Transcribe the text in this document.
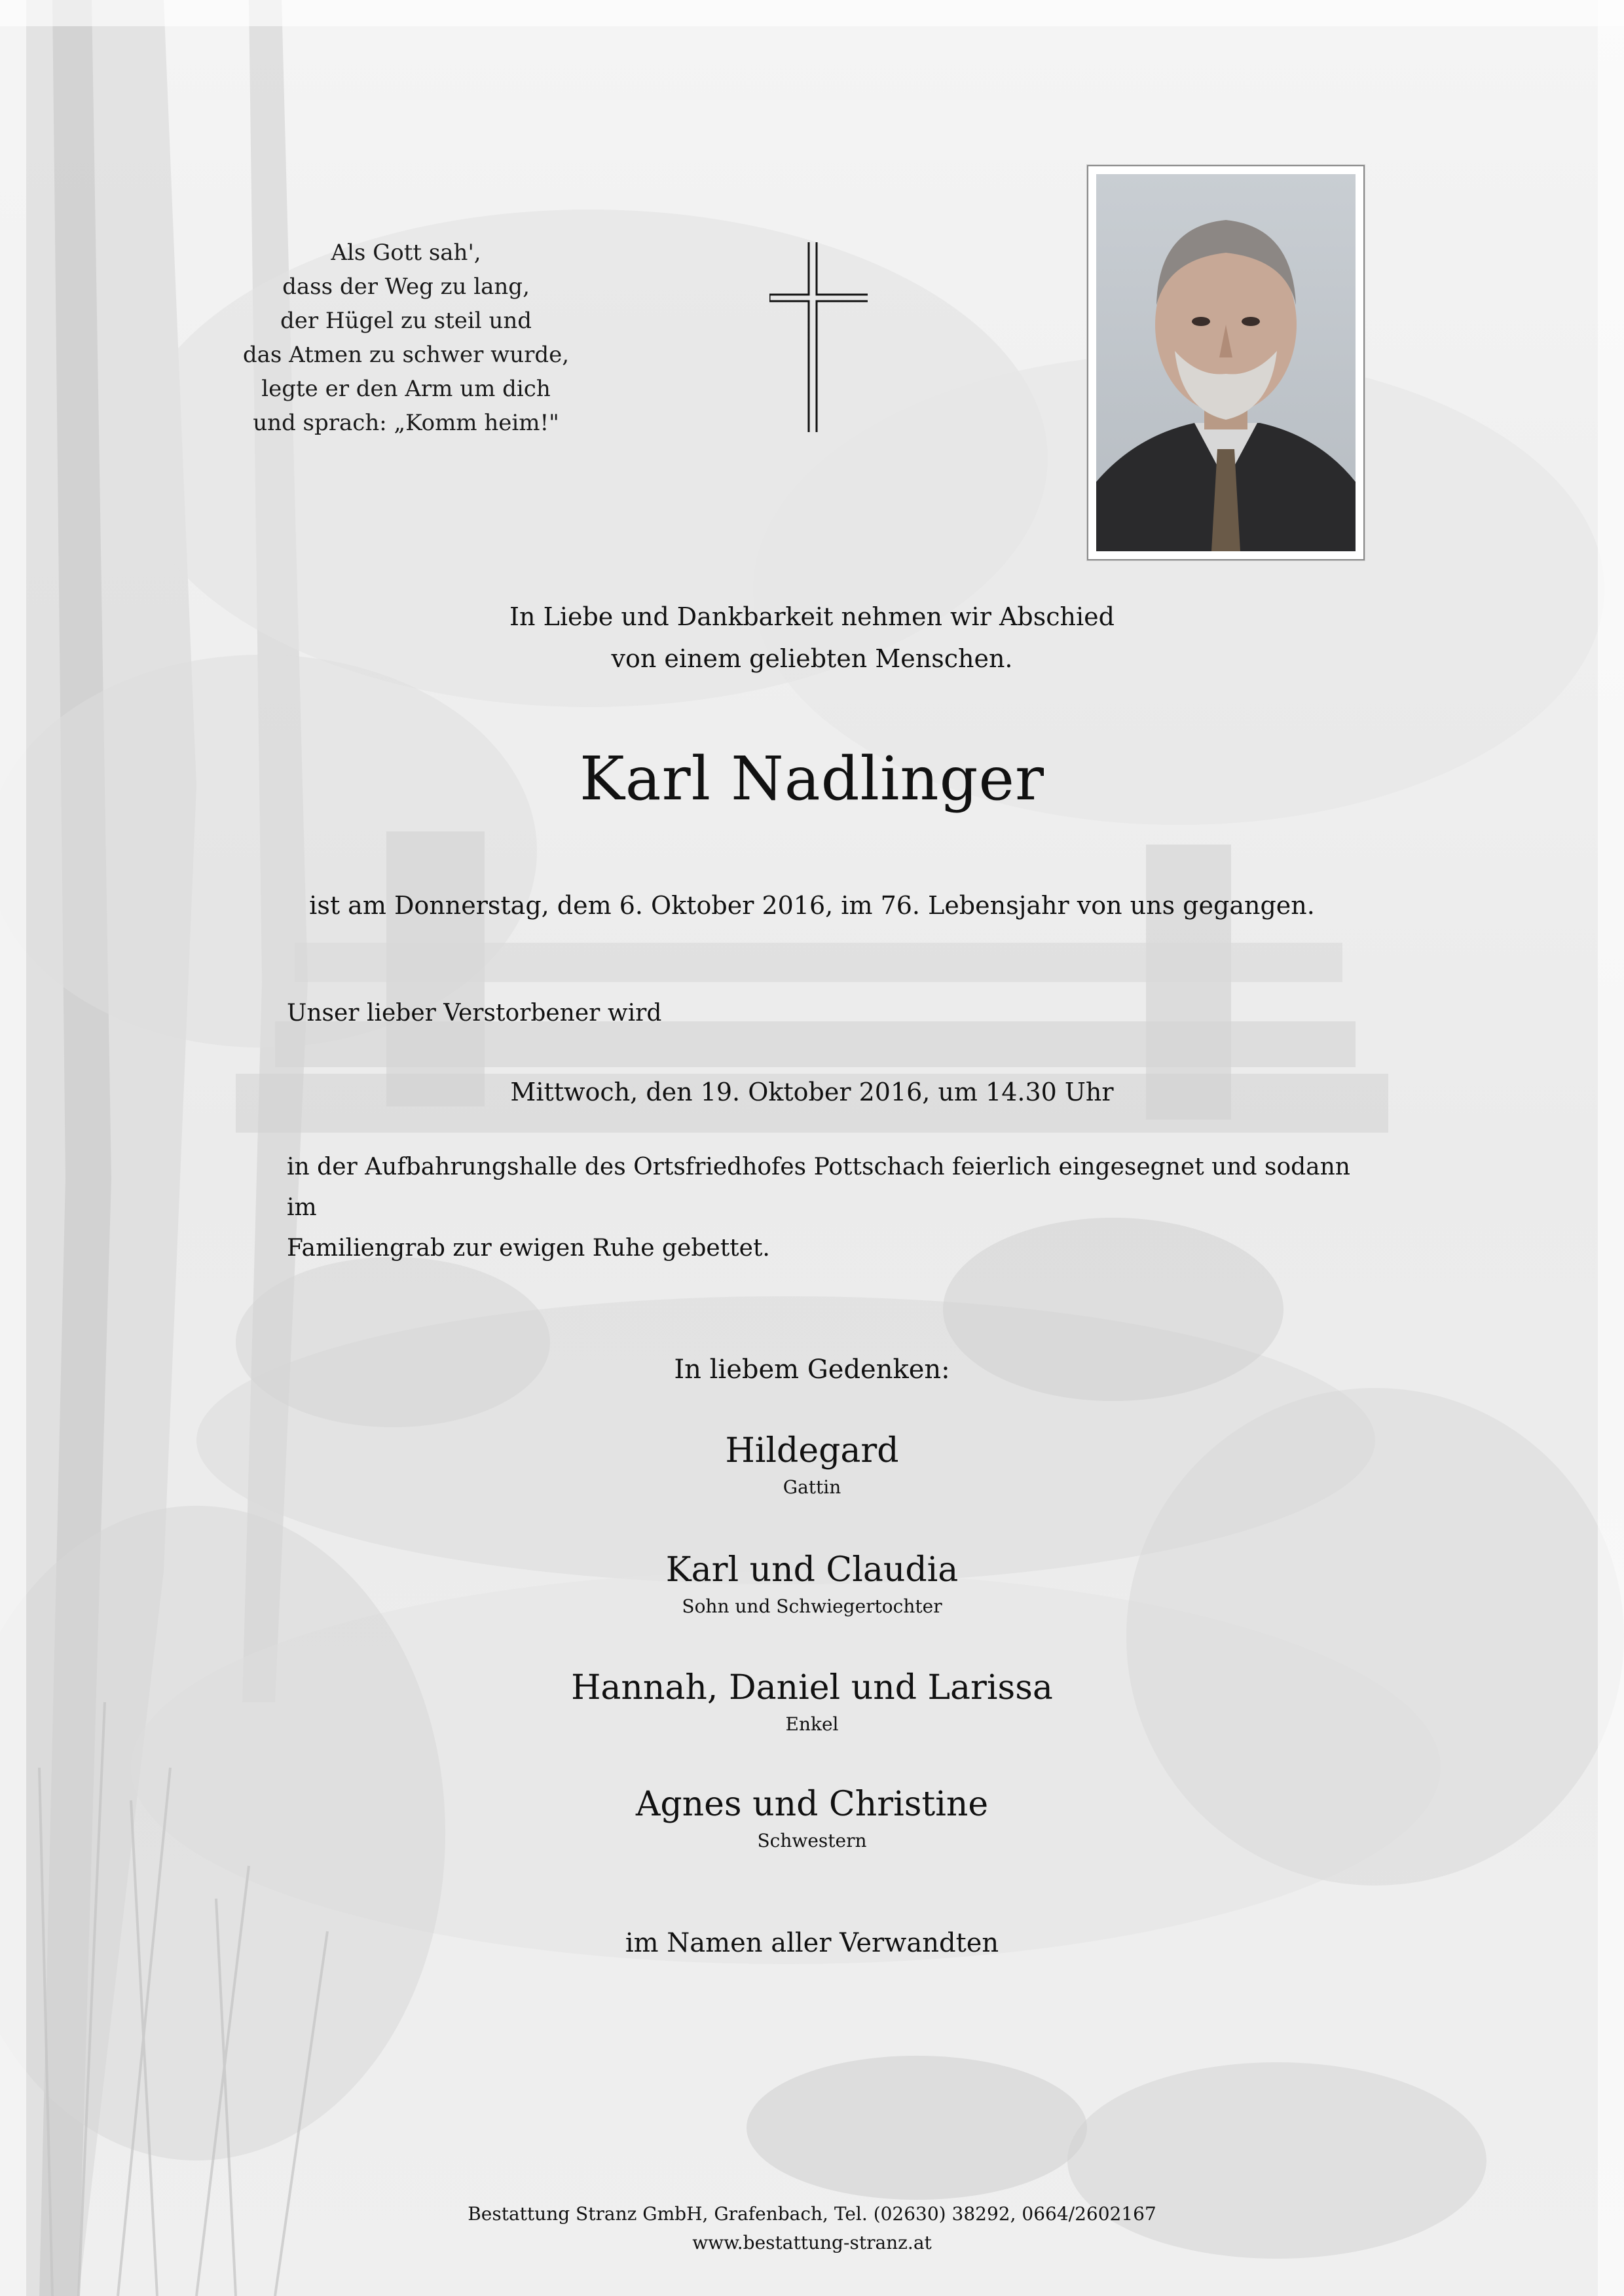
Als Gott sah',
dass der Weg zu lang,
der Hügel zu steil und
das Atmen zu schwer wurde,
legte er den Arm um dich
und sprach: „Komm heim!"
In Liebe und Dankbarkeit nehmen wir Abschied
von einem geliebten Menschen.
Karl Nadlinger
ist am Donnerstag, dem 6. Oktober 2016, im 76. Lebensjahr von uns gegangen.
Unser lieber Verstorbener wird
Mittwoch, den 19. Oktober 2016, um 14.30 Uhr
in der Aufbahrungshalle des Ortsfriedhofes Pottschach feierlich eingesegnet und sodann im
Familiengrab zur ewigen Ruhe gebettet.
In liebem Gedenken:
Hildegard
Gattin
Karl und Claudia
Sohn und Schwiegertochter
Hannah, Daniel und Larissa
Enkel
Agnes und Christine
Schwestern
im Namen aller Verwandten
Bestattung Stranz GmbH, Grafenbach, Tel. (02630) 38292, 0664/2602167
www.bestattung-stranz.at
